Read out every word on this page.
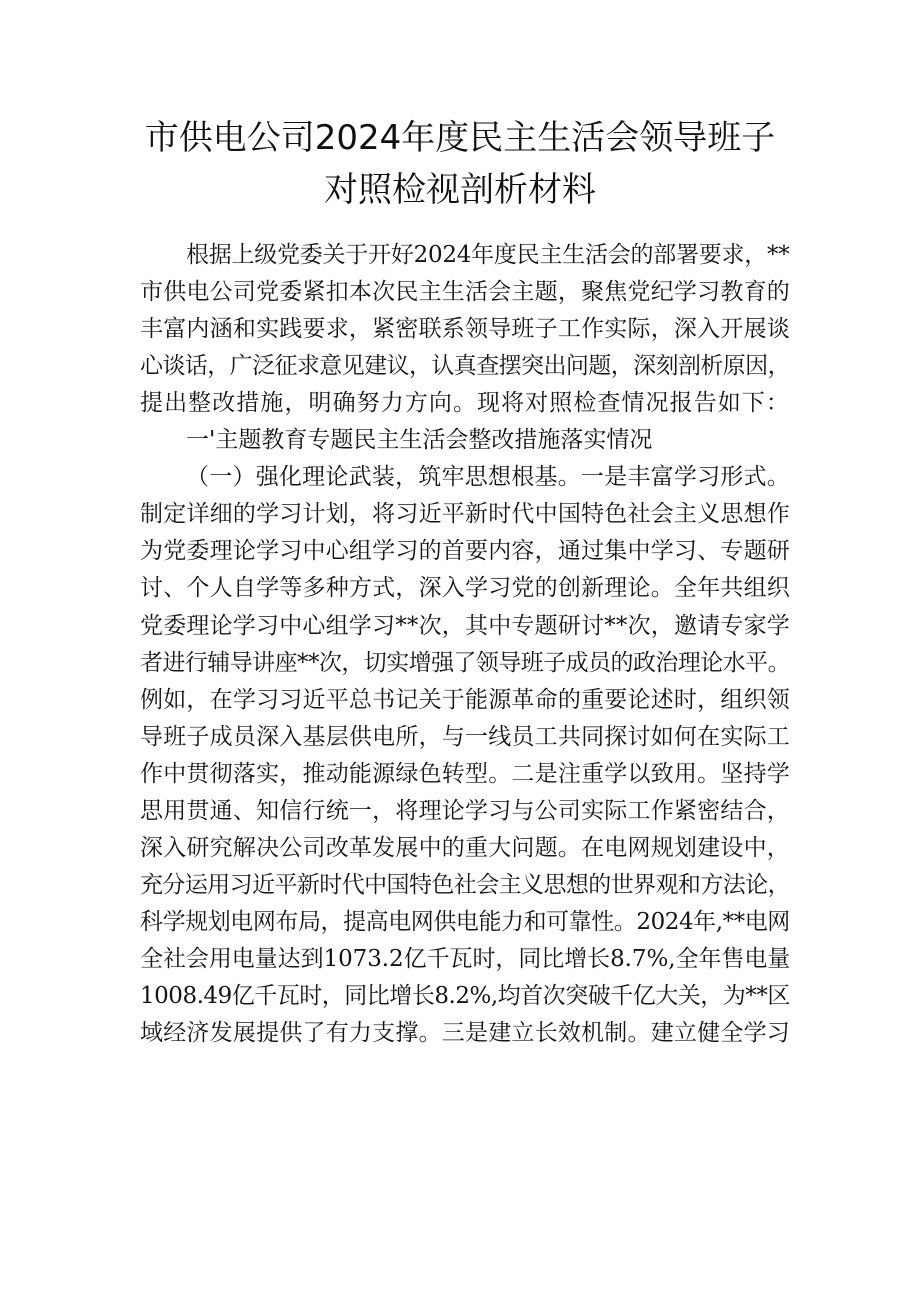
市供电公司2024年度民主生活会领导班子
对照检视剖析材料
根据上级党委关于开好2024年度民主生活会的部署要求，**
市供电公司党委紧扣本次民主生活会主题，聚焦党纪学习教育的
丰富内涵和实践要求，紧密联系领导班子工作实际，深入开展谈
心谈话，广泛征求意见建议，认真查摆突出问题，深刻剖析原因，
提出整改措施，明确努力方向。现将对照检查情况报告如下：
一'主题教育专题民主生活会整改措施落实情况
（一）强化理论武装，筑牢思想根基。一是丰富学习形式。
制定详细的学习计划，将习近平新时代中国特色社会主义思想作
为党委理论学习中心组学习的首要内容，通过集中学习、专题研
讨、个人自学等多种方式，深入学习党的创新理论。全年共组织
党委理论学习中心组学习**次，其中专题研讨**次，邀请专家学
者进行辅导讲座**次，切实增强了领导班子成员的政治理论水平。
例如，在学习习近平总书记关于能源革命的重要论述时，组织领
导班子成员深入基层供电所，与一线员工共同探讨如何在实际工
作中贯彻落实，推动能源绿色转型。二是注重学以致用。坚持学
思用贯通、知信行统一，将理论学习与公司实际工作紧密结合，
深入研究解决公司改革发展中的重大问题。在电网规划建设中，
充分运用习近平新时代中国特色社会主义思想的世界观和方法论，
科学规划电网布局，提高电网供电能力和可靠性。2024年,**电网
全社会用电量达到1073.2亿千瓦时，同比增长8.7%,全年售电量
1008.49亿千瓦时，同比增长8.2%,均首次突破千亿大关，为**区
域经济发展提供了有力支撑。三是建立长效机制。建立健全学习
